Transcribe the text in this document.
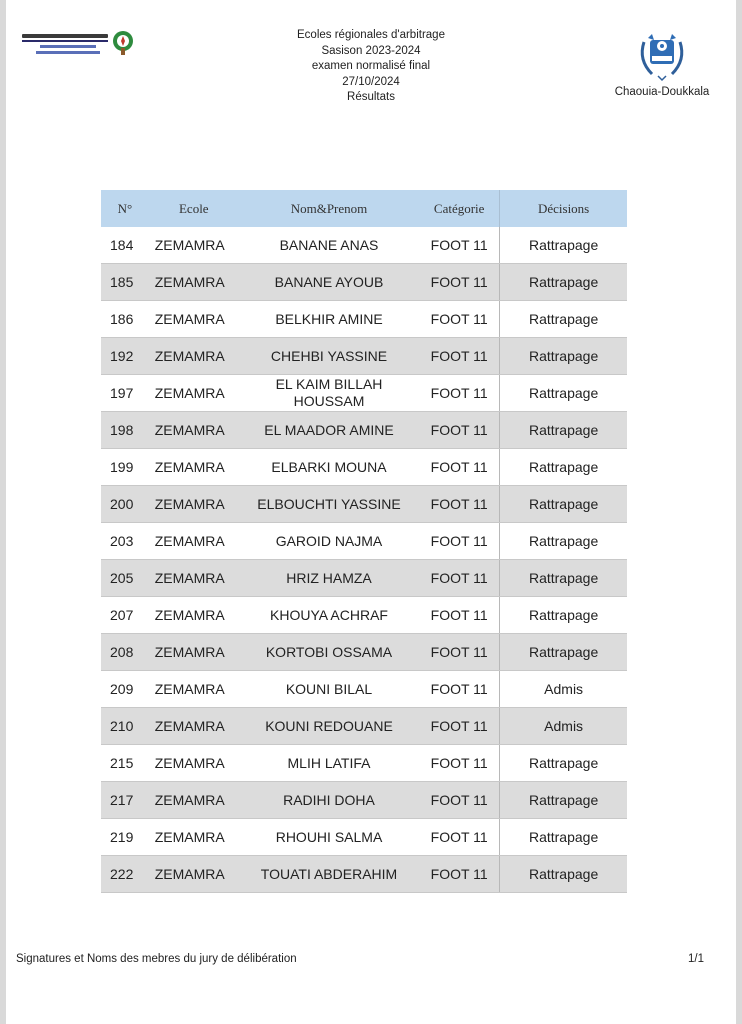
Ecoles régionales d'arbitrage
Sasison 2023-2024
examen normalisé final
27/10/2024
Résultats	Chaouia-Doukkala
N°	Ecole	Nom&Prenom	Catégorie	Décisions
184	ZEMAMRA	BANANE ANAS	FOOT 11	Rattrapage
185	ZEMAMRA	BANANE AYOUB	FOOT 11	Rattrapage
186	ZEMAMRA	BELKHIR AMINE	FOOT 11	Rattrapage
192	ZEMAMRA	CHEHBI YASSINE	FOOT 11	Rattrapage
197	ZEMAMRA	EL KAIM BILLAH HOUSSAM	FOOT 11	Rattrapage
198	ZEMAMRA	EL MAADOR AMINE	FOOT 11	Rattrapage
199	ZEMAMRA	ELBARKI MOUNA	FOOT 11	Rattrapage
200	ZEMAMRA	ELBOUCHTI YASSINE	FOOT 11	Rattrapage
203	ZEMAMRA	GAROID NAJMA	FOOT 11	Rattrapage
205	ZEMAMRA	HRIZ HAMZA	FOOT 11	Rattrapage
207	ZEMAMRA	KHOUYA ACHRAF	FOOT 11	Rattrapage
208	ZEMAMRA	KORTOBI OSSAMA	FOOT 11	Rattrapage
209	ZEMAMRA	KOUNI BILAL	FOOT 11	Admis
210	ZEMAMRA	KOUNI REDOUANE	FOOT 11	Admis
215	ZEMAMRA	MLIH LATIFA	FOOT 11	Rattrapage
217	ZEMAMRA	RADIHI DOHA	FOOT 11	Rattrapage
219	ZEMAMRA	RHOUHI SALMA	FOOT 11	Rattrapage
222	ZEMAMRA	TOUATI ABDERAHIM	FOOT 11	Rattrapage
Signatures et Noms des mebres du jury de délibération	1/1
